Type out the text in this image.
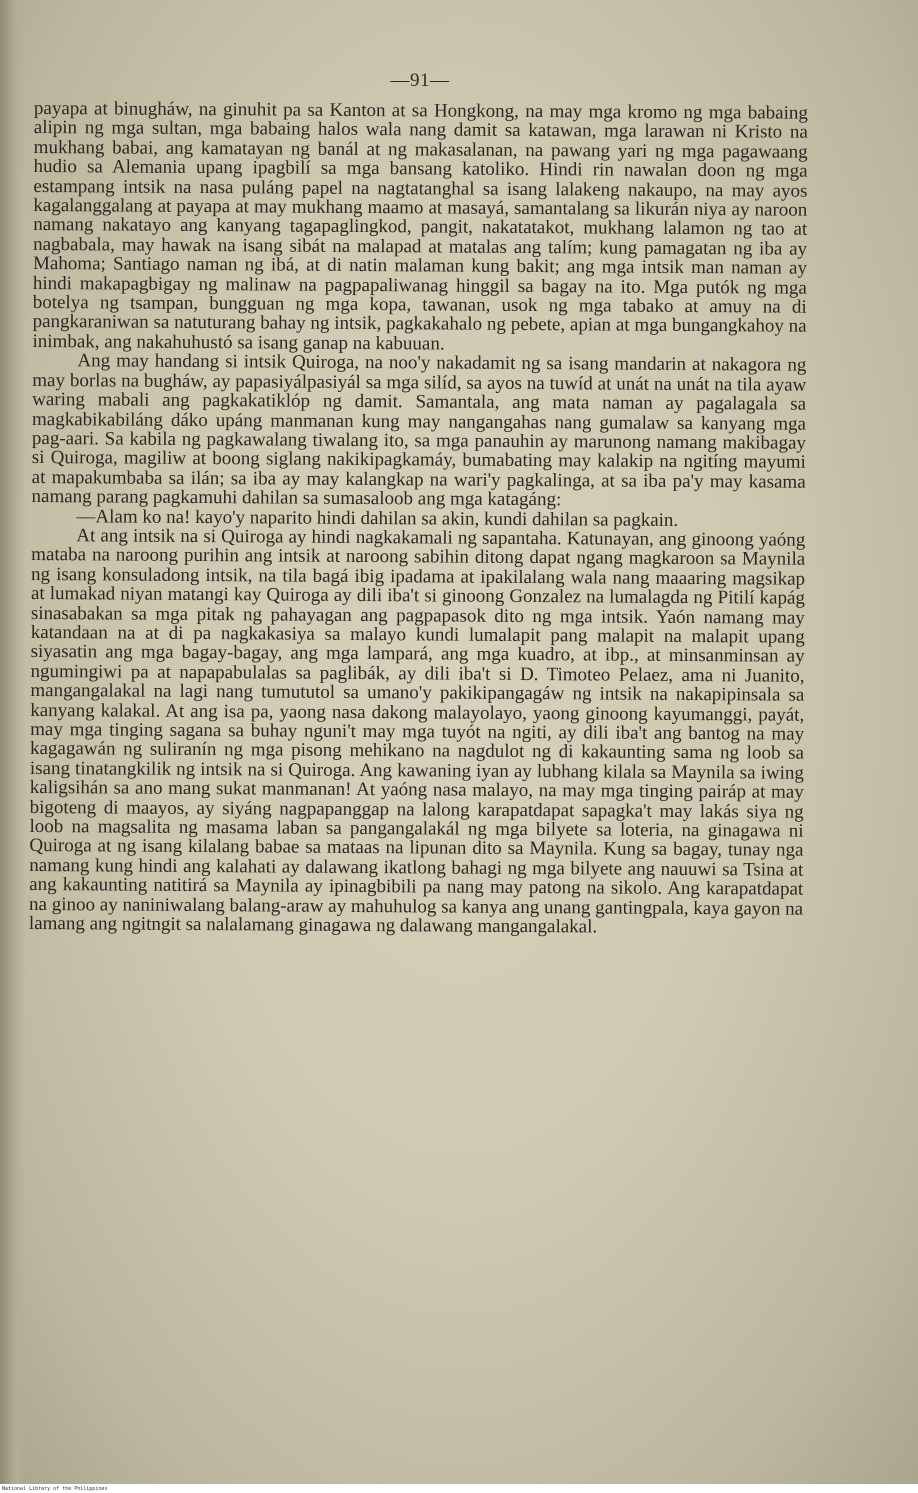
—91—

payapa at binugháw, na ginuhit pa sa Kanton at sa Hongkong, na may mga kromo ng mga babaing alipin ng mga sultan, mga babaing halos wala nang damit sa katawan, mga larawan ni Kristo na mukhang babai, ang kamatayan ng banál at ng makasalanan, na pawang yari ng mga pagawaang hudio sa Alemania upang ipagbilí sa mga bansang katoliko. Hindi rin nawalan doon ng mga estampang intsik na nasa puláng papel na nagtatanghal sa isang lalakeng nakaupo, na may ayos kagalanggalang at payapa at may mukhang maamo at masayá, samantalang sa likurán niya ay naroon namang nakatayo ang kanyang tagapaglingkod, pangit, nakatatakot, mukhang lalamon ng tao at nagbabala, may hawak na isang sibát na malapad at matalas ang talím; kung pamagatan ng iba ay Mahoma; Santiago naman ng ibá, at di natin malaman kung bakit; ang mga intsik man naman ay hindi makapagbigay ng malinaw na pagpapaliwanag hinggil sa bagay na ito. Mga putók ng mga botelya ng tsampan, bungguan ng mga kopa, tawanan, usok ng mga tabako at amuy na di pangkaraniwan sa natuturang bahay ng intsik, pagkakahalo ng pebete, apian at mga bungangkahoy na inimbak, ang nakahuhustó sa isang ganap na kabuuan.

Ang may handang si intsik Quiroga, na noo'y nakadamit ng sa isang mandarin at nakagora ng may borlas na bugháw, ay papasiyálpasiyál sa mga silíd, sa ayos na tuwíd at unát na unát na tila ayaw waring mabali ang pagkakatiklóp ng damit. Samantala, ang mata naman ay pagalagala sa magkabikabiláng dáko upáng manmanan kung may nangangahas nang gumalaw sa kanyang mga pag-aari. Sa kabila ng pagkawalang tiwalang ito, sa mga panauhin ay marunong namang makibagay si Quiroga, magiliw at boong siglang nakikipagkamáy, bumabating may kalakip na ngitíng mayumi at mapakumbaba sa ilán; sa iba ay may kalangkap na wari'y pagkalinga, at sa iba pa'y may kasama namang parang pagkamuhi dahilan sa sumasaloob ang mga katagáng:

—Alam ko na! kayo'y naparito hindi dahilan sa akin, kundi dahilan sa pagkain.

At ang intsik na si Quiroga ay hindi nagkakamali ng sapantaha. Katunayan, ang ginoong yaóng mataba na naroong purihin ang intsik at naroong sabihin ditong dapat ngang magkaroon sa Maynila ng isang konsuladong intsik, na tila bagá ibig ipadama at ipakilalang wala nang maaaring magsikap at lumakad niyan matangi kay Quiroga ay dili iba't si ginoong Gonzalez na lumalagda ng Pitilí kapág sinasabakan sa mga pitak ng pahayagan ang pagpapasok dito ng mga intsik. Yaón namang may katandaan na at di pa nagkakasiya sa malayo kundi lumalapit pang malapit na malapit upang siyasatin ang mga bagay-bagay, ang mga lampará, ang mga kuadro, at ibp., at minsanminsan ay ngumingiwi pa at napapabulalas sa paglibák, ay dili iba't si D. Timoteo Pelaez, ama ni Juanito, mangangalakal na lagi nang tumututol sa umano'y pakikipangagáw ng intsik na nakapipinsala sa kanyang kalakal. At ang isa pa, yaong nasa dakong malayolayo, yaong ginoong kayumanggi, payát, may mga tinging sagana sa buhay nguni't may mga tuyót na ngiti, ay dili iba't ang bantog na may kagagawán ng suliranín ng mga pisong mehikano na nagdulot ng di kakaunting sama ng loob sa isang tinatangkilik ng intsik na si Quiroga. Ang kawaning iyan ay lubhang kilala sa Maynila sa iwing kaligsihán sa ano mang sukat manmanan! At yaóng nasa malayo, na may mga tinging pairáp at may bigoteng di maayos, ay siyáng nagpapanggap na lalong karapatdapat sapagka't may lakás siya ng loob na magsalita ng masama laban sa pangangalakál ng mga bilyete sa loteria, na ginagawa ni Quiroga at ng isang kilalang babae sa mataas na lipunan dito sa Maynila. Kung sa bagay, tunay nga namang kung hindi ang kalahati ay dalawang ikatlong bahagi ng mga bilyete ang nauuwi sa Tsina at ang kakaunting natitirá sa Maynila ay ipinagbibili pa nang may patong na sikolo. Ang karapatdapat na ginoo ay naniniwalang balang-araw ay mahuhulog sa kanya ang unang gantingpala, kaya gayon na lamang ang ngitngit sa nalalamang ginagawa ng dalawang mangangalakal.

National Library of the Philippines
